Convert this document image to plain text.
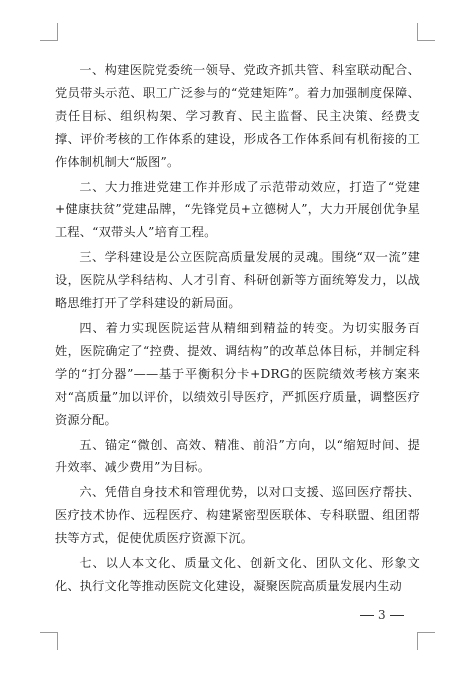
一、构建医院党委统一领导、党政齐抓共管、科室联动配合、党员带头示范、职工广泛参与的“党建矩阵”。着力加强制度保障、责任目标、组织构架、学习教育、民主监督、民主决策、经费支撑、评价考核的工作体系的建设，形成各工作体系间有机衔接的工作体制机制大“版图”。

二、大力推进党建工作并形成了示范带动效应，打造了“党建+健康扶贫”党建品牌，“先锋党员+立德树人”，大力开展创优争星工程、“双带头人”培育工程。

三、学科建设是公立医院高质量发展的灵魂。围绕“双一流”建设，医院从学科结构、人才引育、科研创新等方面统筹发力，以战略思维打开了学科建设的新局面。

四、着力实现医院运营从精细到精益的转变。为切实服务百姓，医院确定了“控费、提效、调结构”的改革总体目标，并制定科学的“打分器”——基于平衡积分卡+DRG的医院绩效考核方案来对“高质量”加以评价，以绩效引导医疗，严抓医疗质量，调整医疗资源分配。

五、锚定“微创、高效、精准、前沿”方向，以“缩短时间、提升效率、减少费用”为目标。

六、凭借自身技术和管理优势，以对口支援、巡回医疗帮扶、医疗技术协作、远程医疗、构建紧密型医联体、专科联盟、组团帮扶等方式，促使优质医疗资源下沉。

七、以人本文化、质量文化、创新文化、团队文化、形象文化、执行文化等推动医院文化建设，凝聚医院高质量发展内生动

3
